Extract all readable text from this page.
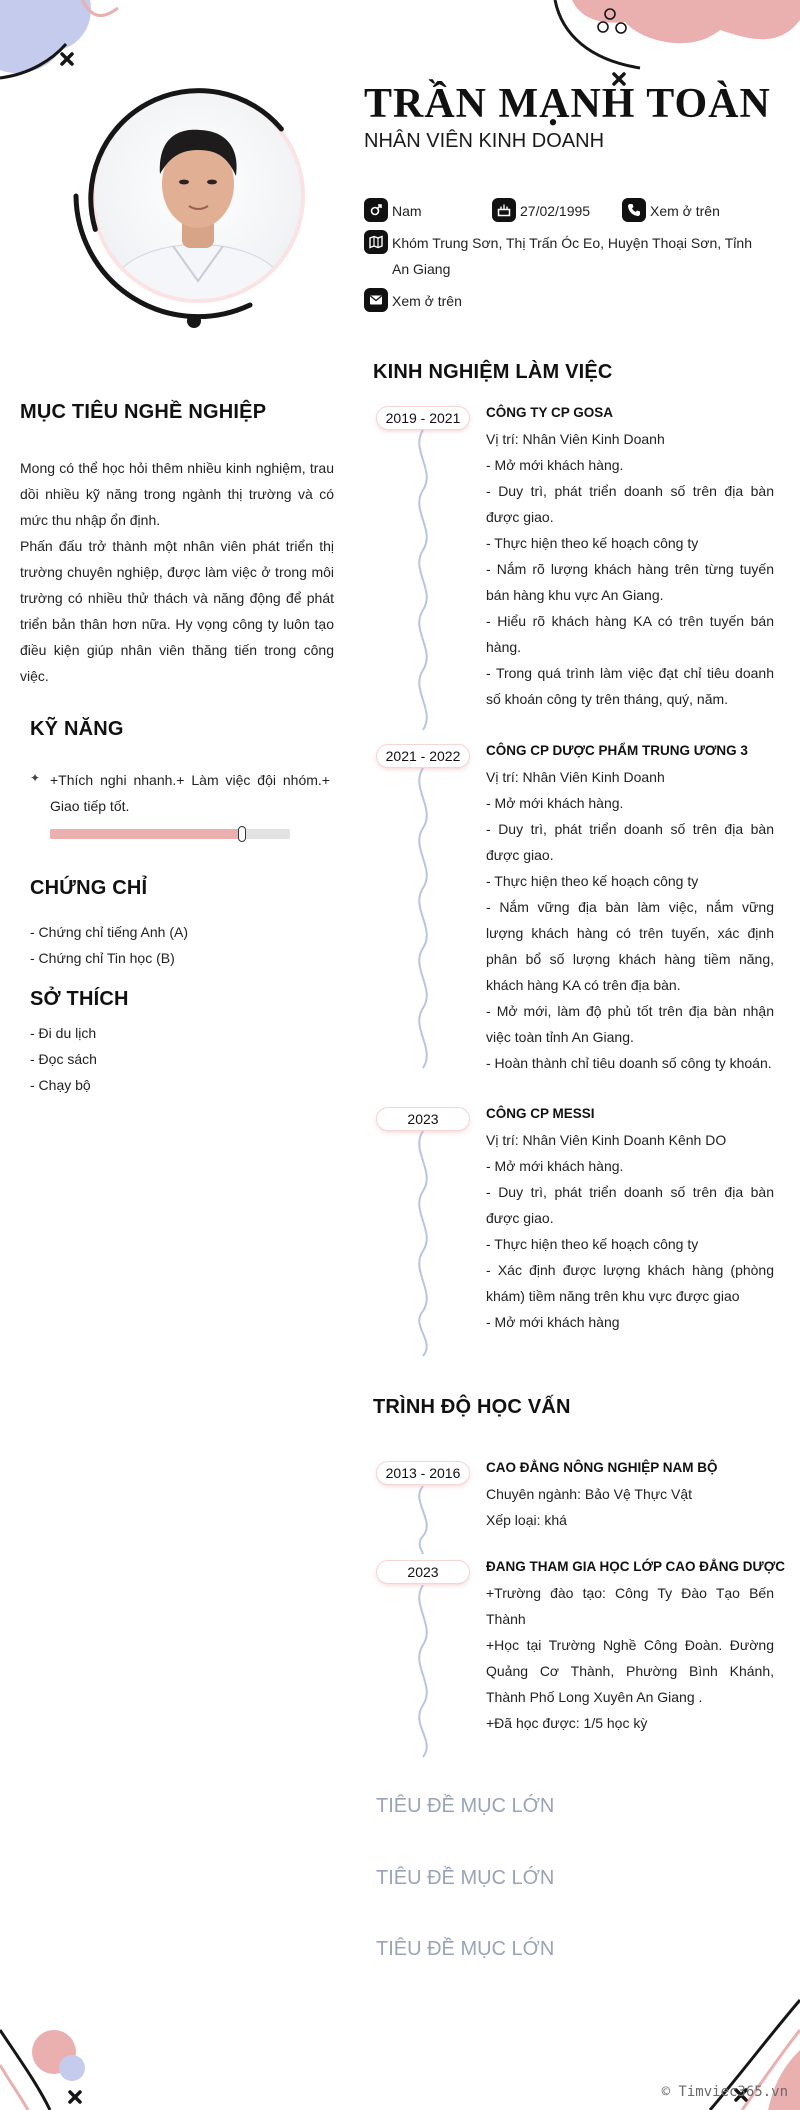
TRẦN MẠNH TOÀN
NHÂN VIÊN KINH DOANH
Nam	27/02/1995	Xem ở trên
Khóm Trung Sơn, Thị Trấn Óc Eo, Huyện Thoại Sơn, Tỉnh An Giang
Xem ở trên
MỤC TIÊU NGHỀ NGHIỆP
Mong có thể học hỏi thêm nhiều kinh nghiệm, trau dồi nhiều kỹ năng trong ngành thị trường và có mức thu nhập ổn định.
Phấn đấu trở thành một nhân viên phát triển thị trường chuyên nghiệp, được làm việc ở trong môi trường có nhiều thử thách và năng động để phát triển bản thân hơn nữa. Hy vọng công ty luôn tạo điều kiện giúp nhân viên thăng tiến trong công việc.
KỸ NĂNG
✦ +Thích nghi nhanh.+ Làm việc đội nhóm.+ Giao tiếp tốt.
CHỨNG CHỈ
- Chứng chỉ tiếng Anh (A)
- Chứng chỉ Tin học (B)
SỞ THÍCH
- Đi du lịch
- Đọc sách
- Chạy bộ
KINH NGHIỆM LÀM VIỆC
2019 - 2021	CÔNG TY CP GOSA
Vị trí: Nhân Viên Kinh Doanh
- Mở mới khách hàng.
- Duy trì, phát triển doanh số trên địa bàn được giao.
- Thực hiện theo kế hoạch công ty
- Nắm rõ lượng khách hàng trên từng tuyến bán hàng khu vực An Giang.
- Hiểu rõ khách hàng KA có trên tuyến bán hàng.
- Trong quá trình làm việc đạt chỉ tiêu doanh số khoán công ty trên tháng, quý, năm.
2021 - 2022	CÔNG CP DƯỢC PHẨM TRUNG ƯƠNG 3
Vị trí: Nhân Viên Kinh Doanh
- Mở mới khách hàng.
- Duy trì, phát triển doanh số trên địa bàn được giao.
- Thực hiện theo kế hoạch công ty
- Nắm vững địa bàn làm việc, nắm vững lượng khách hàng có trên tuyến, xác định phân bổ số lượng khách hàng tiềm năng, khách hàng KA có trên địa bàn.
- Mở mới, làm độ phủ tốt trên địa bàn nhận việc toàn tỉnh An Giang.
- Hoàn thành chỉ tiêu doanh số công ty khoán.
2023	CÔNG CP MESSI
Vị trí: Nhân Viên Kinh Doanh Kênh DO
- Mở mới khách hàng.
- Duy trì, phát triển doanh số trên địa bàn được giao.
- Thực hiện theo kế hoạch công ty
- Xác định được lượng khách hàng (phòng khám) tiềm năng trên khu vực được giao
- Mở mới khách hàng
TRÌNH ĐỘ HỌC VẤN
2013 - 2016	CAO ĐẲNG NÔNG NGHIỆP NAM BỘ
Chuyên ngành: Bảo Vệ Thực Vật
Xếp loại: khá
2023	ĐANG THAM GIA HỌC LỚP CAO ĐẲNG DƯỢC
+Trường đào tạo: Công Ty Đào Tạo Bến Thành
+Học tại Trường Nghề Công Đoàn. Đường Quảng Cơ Thành, Phường Bình Khánh, Thành Phố Long Xuyên An Giang .
+Đã học được: 1/5 học kỳ
TIÊU ĐỀ MỤC LỚN
TIÊU ĐỀ MỤC LỚN
TIÊU ĐỀ MỤC LỚN
© Timviec365.vn
